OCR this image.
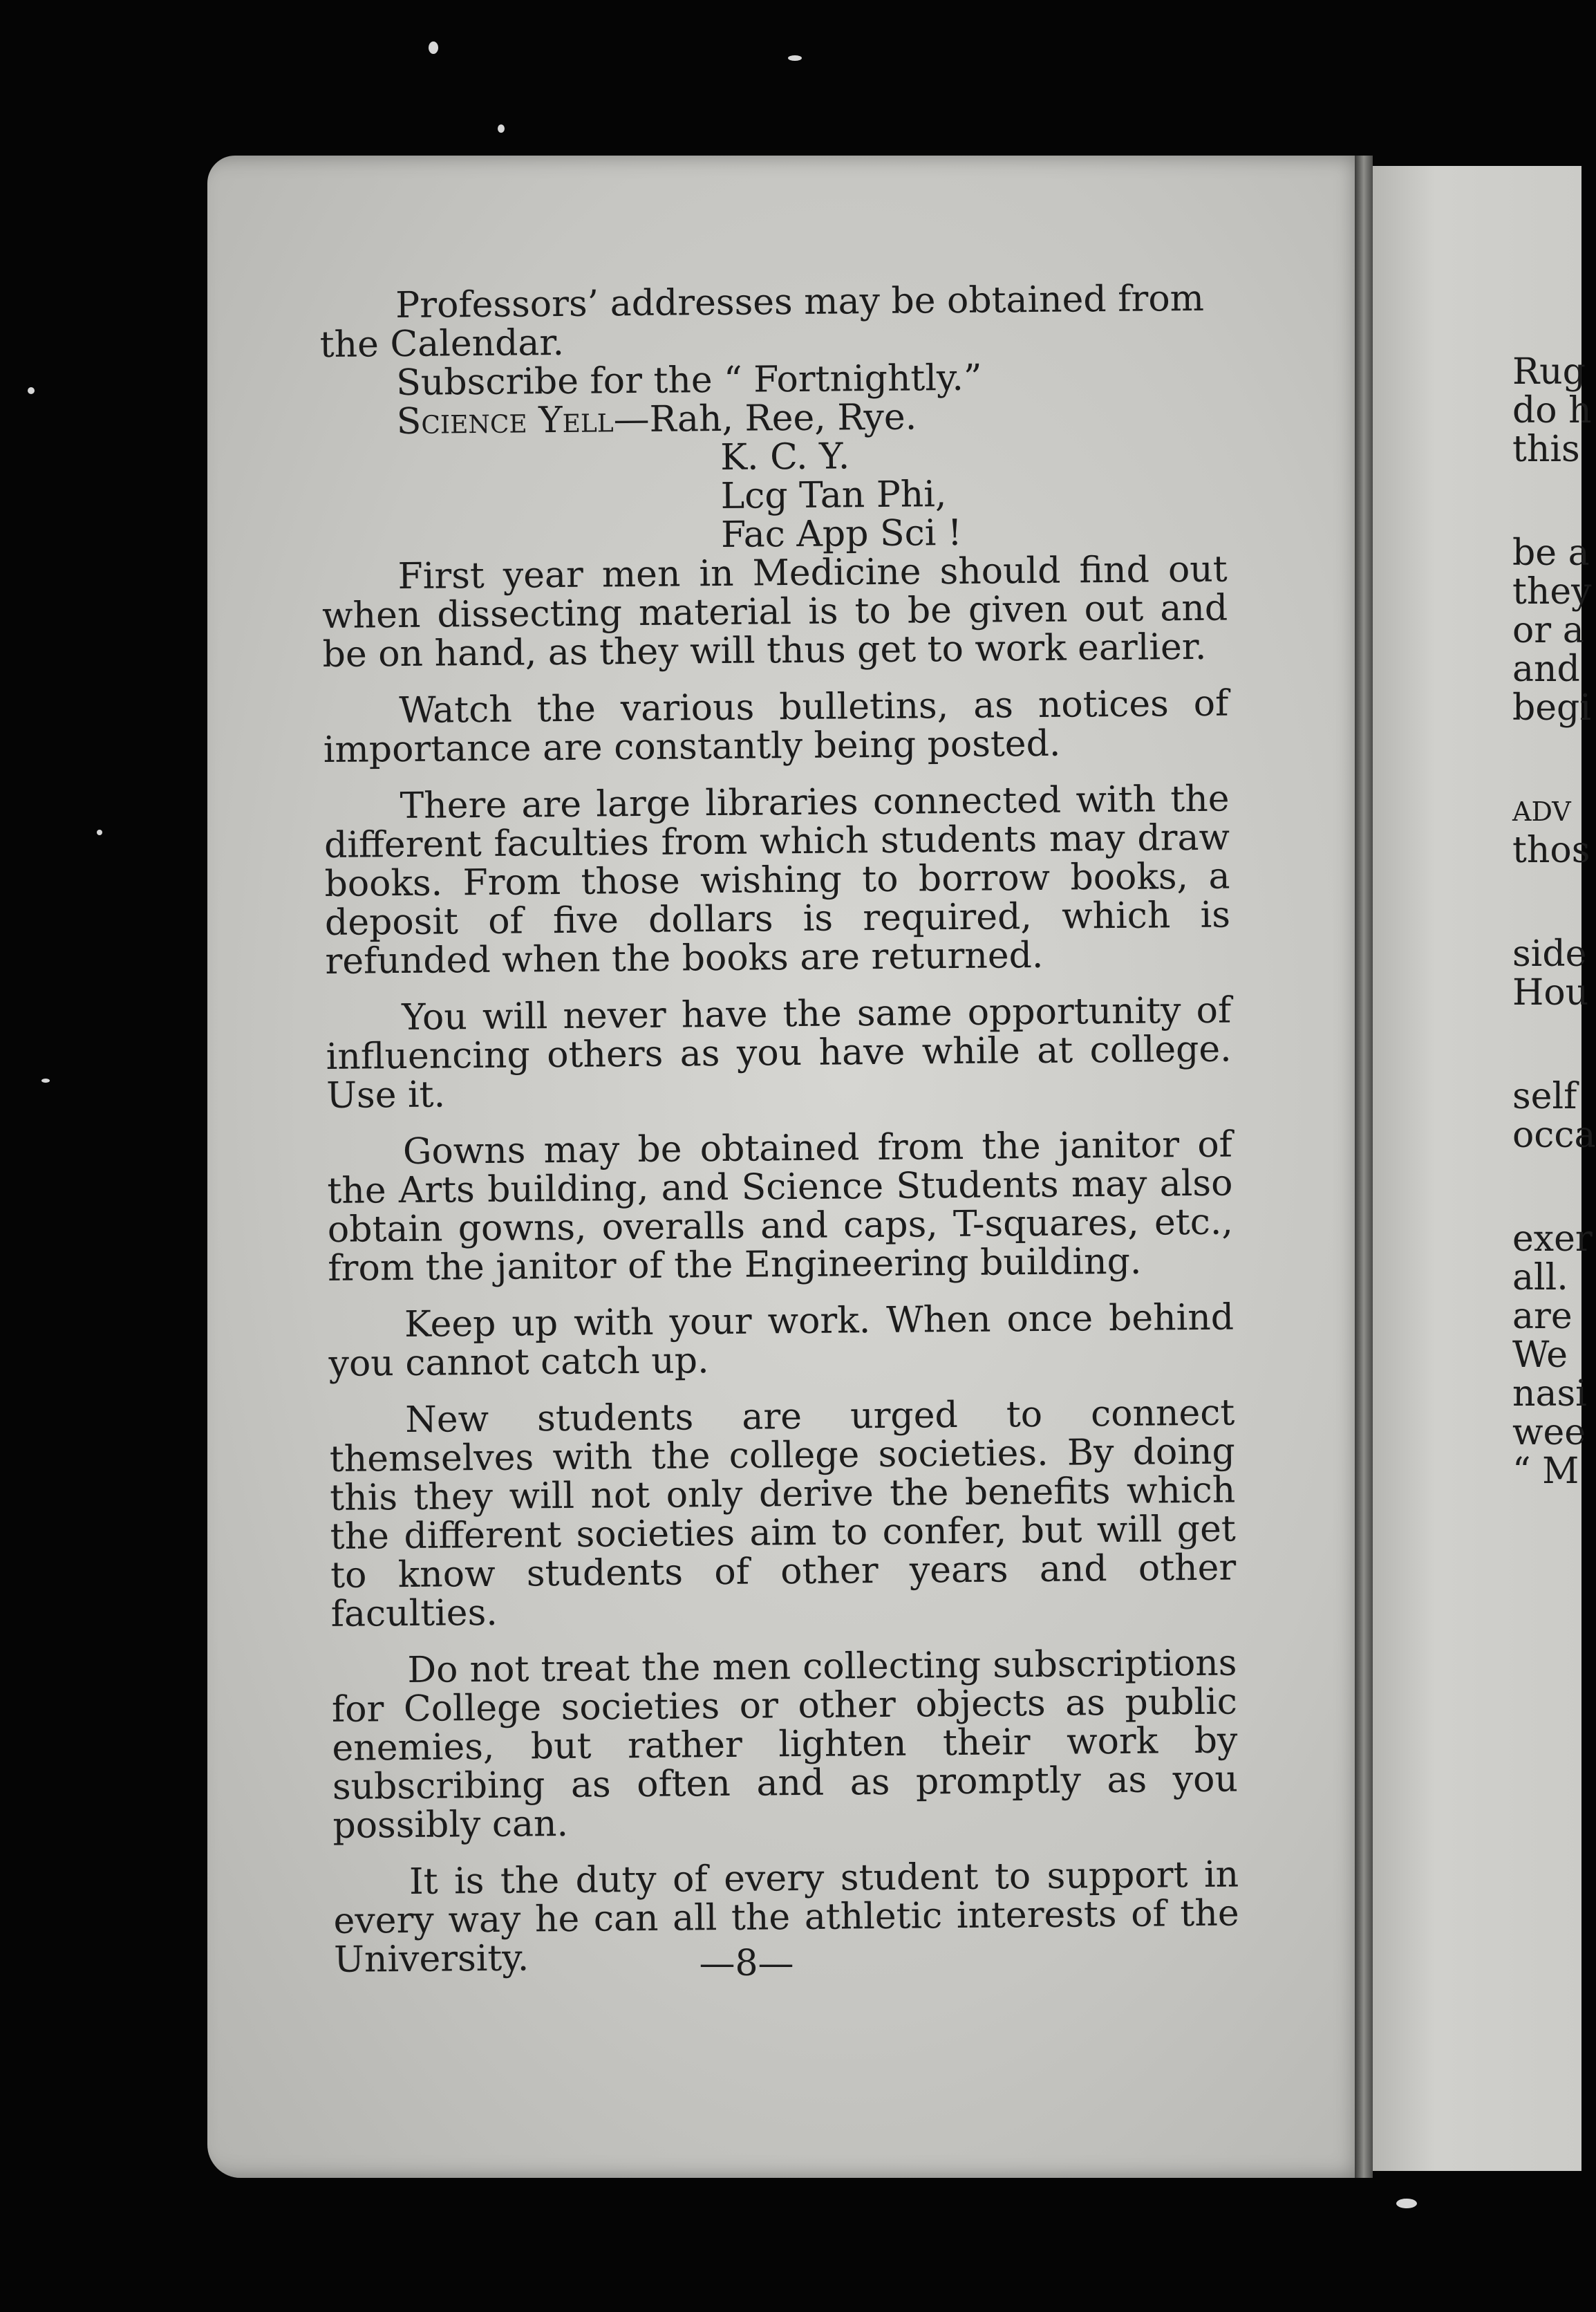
Professors’ addresses may be obtained from

the Calendar.

Subscribe for the “ Fortnightly.”

Science Yell—Rah, Ree, Rye.

K. C. Y.

Lcg Tan Phi,

Fac App Sci !

First year men in Medicine should find out when dissecting material is to be given out and be on hand, as they will thus get to work earlier.

Watch the various bulletins, as notices of importance are constantly being posted.

There are large libraries connected with the different faculties from which students may draw books. From those wishing to borrow books, a deposit of five dollars is required, which is refunded when the books are returned.

You will never have the same opportunity of influencing others as you have while at college. Use it.

Gowns may be obtained from the janitor of the Arts building, and Science Students may also obtain gowns, overalls and caps, T-squares, etc., from the janitor of the Engineering building.

Keep up with your work. When once behind you cannot catch up.

New students are urged to connect themselves with the college societies. By doing this they will not only derive the benefits which the different societies aim to confer, but will get to know students of other years and other faculties.

Do not treat the men collecting subscriptions for College societies or other objects as public enemies, but rather lighten their work by subscribing as often and as promptly as you possibly can.

It is the duty of every student to support in every way he can all the athletic interests of the University.	—8—
Rug
do h
this
be a
they
or a
and
begi
ADV
thos
side
Hou
self
occa
exer
all.
are
We
nasi
wee
“ M
